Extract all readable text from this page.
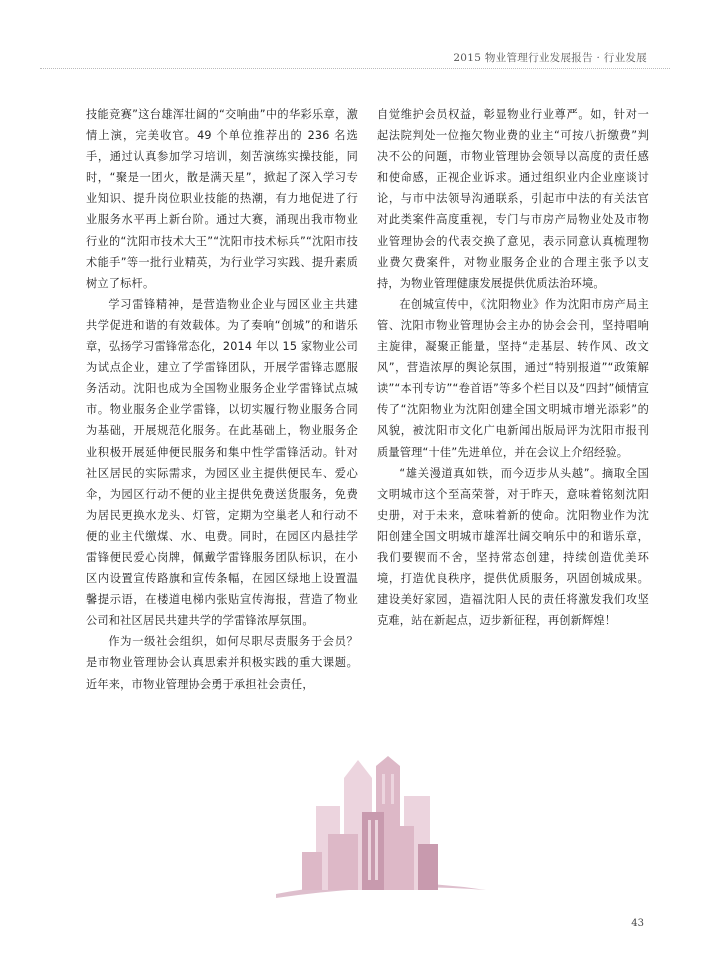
2015 物业管理行业发展报告 · 行业发展

技能竞赛”这台雄浑壮阔的“交响曲”中的华彩乐章，激情上演，完美收官。49 个单位推荐出的 236 名选手，通过认真参加学习培训，刻苦演练实操技能，同时，“聚是一团火，散是满天星”，掀起了深入学习专业知识、提升岗位职业技能的热潮，有力地促进了行业服务水平再上新台阶。通过大赛，涌现出我市物业行业的“沈阳市技术大王”“沈阳市技术标兵”“沈阳市技术能手”等一批行业精英，为行业学习实践、提升素质树立了标杆。

学习雷锋精神，是营造物业企业与园区业主共建共学促进和谐的有效载体。为了奏响“创城”的和谐乐章，弘扬学习雷锋常态化，2014 年以 15 家物业公司为试点企业，建立了学雷锋团队，开展学雷锋志愿服务活动。沈阳也成为全国物业服务企业学雷锋试点城市。物业服务企业学雷锋，以切实履行物业服务合同为基础，开展规范化服务。在此基础上，物业服务企业积极开展延伸便民服务和集中性学雷锋活动。针对社区居民的实际需求，为园区业主提供便民车、爱心伞，为园区行动不便的业主提供免费送货服务，免费为居民更换水龙头、灯管，定期为空巢老人和行动不便的业主代缴煤、水、电费。同时，在园区内悬挂学雷锋便民爱心岗牌，佩戴学雷锋服务团队标识，在小区内设置宣传路旗和宣传条幅，在园区绿地上设置温馨提示语，在楼道电梯内张贴宣传海报，营造了物业公司和社区居民共建共学的学雷锋浓厚氛围。

作为一级社会组织，如何尽职尽责服务于会员？是市物业管理协会认真思索并积极实践的重大课题。近年来，市物业管理协会勇于承担社会责任，

自觉维护会员权益，彰显物业行业尊严。如，针对一起法院判处一位拖欠物业费的业主“可按八折缴费”判决不公的问题，市物业管理协会领导以高度的责任感和使命感，正视企业诉求。通过组织业内企业座谈讨论，与市中法领导沟通联系，引起市中法的有关法官对此类案件高度重视，专门与市房产局物业处及市物业管理协会的代表交换了意见，表示同意认真梳理物业费欠费案件，对物业服务企业的合理主张予以支持，为物业管理健康发展提供优质法治环境。

在创城宣传中，《沈阳物业》作为沈阳市房产局主管、沈阳市物业管理协会主办的协会会刊，坚持唱响主旋律，凝聚正能量，坚持“走基层、转作风、改文风”，营造浓厚的舆论氛围，通过“特别报道”“政策解读”“本刊专访”“卷首语”等多个栏目以及“四封”倾情宣传了“沈阳物业为沈阳创建全国文明城市增光添彩”的风貌，被沈阳市文化广电新闻出版局评为沈阳市报刊质量管理“十佳”先进单位，并在会议上介绍经验。

“雄关漫道真如铁，而今迈步从头越”。摘取全国文明城市这个至高荣誉，对于昨天，意味着铭刻沈阳史册，对于未来，意味着新的使命。沈阳物业作为沈阳创建全国文明城市雄浑壮阔交响乐中的和谐乐章，我们要锲而不舍，坚持常态创建，持续创造优美环境，打造优良秩序，提供优质服务，巩固创城成果。建设美好家园，造福沈阳人民的责任将激发我们攻坚克难，站在新起点，迈步新征程，再创新辉煌！

43
